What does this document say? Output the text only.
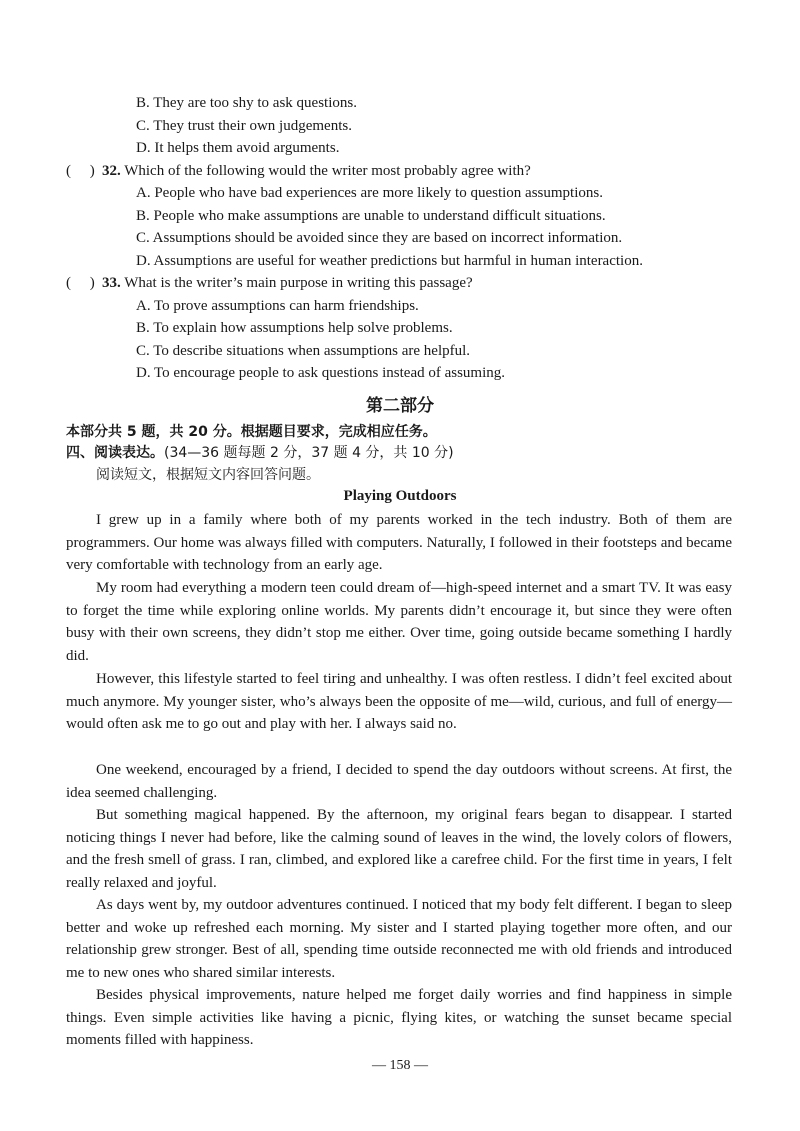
B. They are too shy to ask questions.
C. They trust their own judgements.
D. It helps them avoid arguments.
( ) 32. Which of the following would the writer most probably agree with?
A. People who have bad experiences are more likely to question assumptions.
B. People who make assumptions are unable to understand difficult situations.
C. Assumptions should be avoided since they are based on incorrect information.
D. Assumptions are useful for weather predictions but harmful in human interaction.
( ) 33. What is the writer’s main purpose in writing this passage?
A. To prove assumptions can harm friendships.
B. To explain how assumptions help solve problems.
C. To describe situations when assumptions are helpful.
D. To encourage people to ask questions instead of assuming.
第二部分
本部分共 5 题，共 20 分。根据题目要求，完成相应任务。
四、阅读表达。(34—36 题每题 2 分，37 题 4 分，共 10 分)
阅读短文，根据短文内容回答问题。
Playing Outdoors

I grew up in a family where both of my parents worked in the tech industry. Both of them are programmers. Our home was always filled with computers. Naturally, I followed in their footsteps and became very comfortable with technology from an early age.

My room had everything a modern teen could dream of—high-speed internet and a smart TV. It was easy to forget the time while exploring online worlds. My parents didn’t encourage it, but since they were often busy with their own screens, they didn’t stop me either. Over time, going outside became something I hardly did.

However, this lifestyle started to feel tiring and unhealthy. I was often restless. I didn’t feel excited about much anymore. My younger sister, who’s always been the opposite of me—wild, curious, and full of energy—would often ask me to go out and play with her. I always said no.

One weekend, encouraged by a friend, I decided to spend the day outdoors without screens. At first, the idea seemed challenging.

But something magical happened. By the afternoon, my original fears began to disappear. I started noticing things I never had before, like the calming sound of leaves in the wind, the lovely colors of flowers, and the fresh smell of grass. I ran, climbed, and explored like a carefree child. For the first time in years, I felt really relaxed and joyful.

As days went by, my outdoor adventures continued. I noticed that my body felt different. I began to sleep better and woke up refreshed each morning. My sister and I started playing together more often, and our relationship grew stronger. Best of all, spending time outside reconnected me with old friends and introduced me to new ones who shared similar interests.

Besides physical improvements, nature helped me forget daily worries and find happiness in simple things. Even simple activities like having a picnic, flying kites, or watching the sunset became special moments filled with happiness.

— 158 —
